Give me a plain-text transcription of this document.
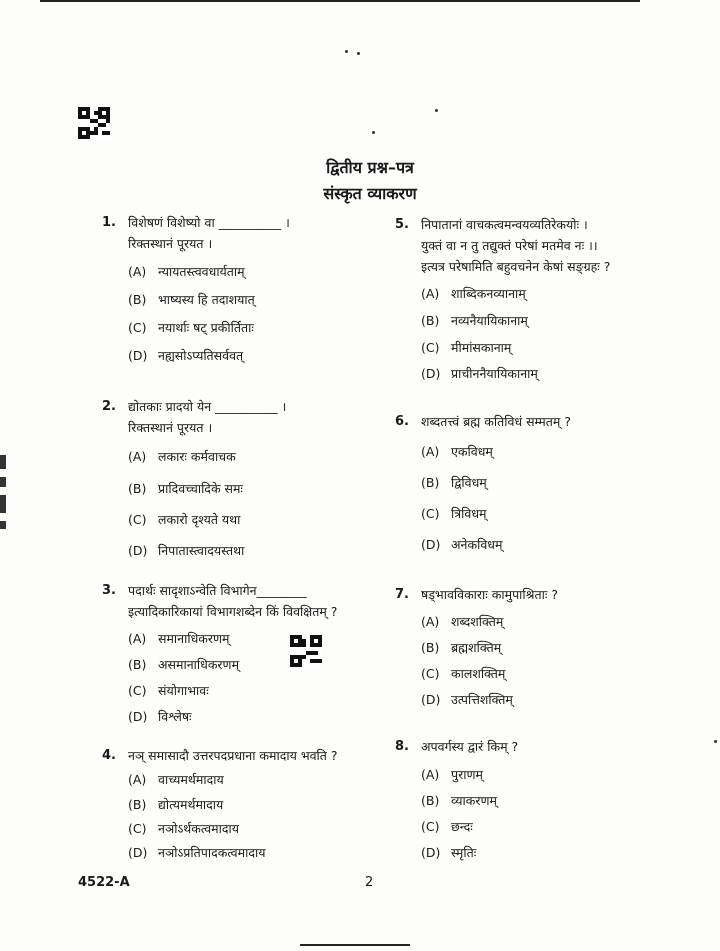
द्वितीय प्रश्न–पत्र
संस्कृत व्याकरण
1. विशेषणं विशेष्यो वा __________ ।
रिक्तस्थानं पूरयत ।
(A) न्यायतस्त्ववधार्यताम्
(B) भाष्यस्य हि तदाशयात्
(C) नयार्थाः षट् प्रकीर्तिताः
(D) नह्यसोऽप्यतिसर्ववत्
2. द्योतकाः प्रादयो येन __________ ।
रिक्तस्थानं पूरयत ।
(A) लकारः कर्मवाचक
(B) प्रादिवच्चादिके समः
(C) लकारो दृश्यते यथा
(D) निपातास्त्वादयस्तथा
3. पदार्थः सादृशाऽन्वेति विभागेन________
इत्यादिकारिकायां विभागशब्देन किं विवक्षितम् ?
(A) समानाधिकरणम्
(B) असमानाधिकरणम्
(C) संयोगाभावः
(D) विश्लेषः
4. नञ् समासादौ उत्तरपदप्रधाना कमादाय भवति ?
(A) वाच्यमर्थमादाय
(B) द्योत्यमर्थमादाय
(C) नञोऽर्थकत्वमादाय
(D) नञोऽप्रतिपादकत्वमादाय
5. निपातानां वाचकत्वमन्वयव्यतिरेकयोः ।
युक्तं वा न तु तद्युक्तं परेषां मतमेव नः ।।
इत्यत्र परेषामिति बहुवचनेन केषां सङ्ग्रहः ?
(A) शाब्दिकनव्यानाम्
(B) नव्यनैयायिकानाम्
(C) मीमांसकानाम्
(D) प्राचीननैयायिकानाम्
6. शब्दतत्त्वं ब्रह्म कतिविधं सम्मतम् ?
(A) एकविधम्
(B) द्विविधम्
(C) त्रिविधम्
(D) अनेकविधम्
7. षड्भावविकाराः कामुपाश्रिताः ?
(A) शब्दशक्तिम्
(B) ब्रह्मशक्तिम्
(C) कालशक्तिम्
(D) उत्पत्तिशक्तिम्
8. अपवर्गस्य द्वारं किम् ?
(A) पुराणम्
(B) व्याकरणम्
(C) छन्दः
(D) स्मृतिः
4522-A	2
